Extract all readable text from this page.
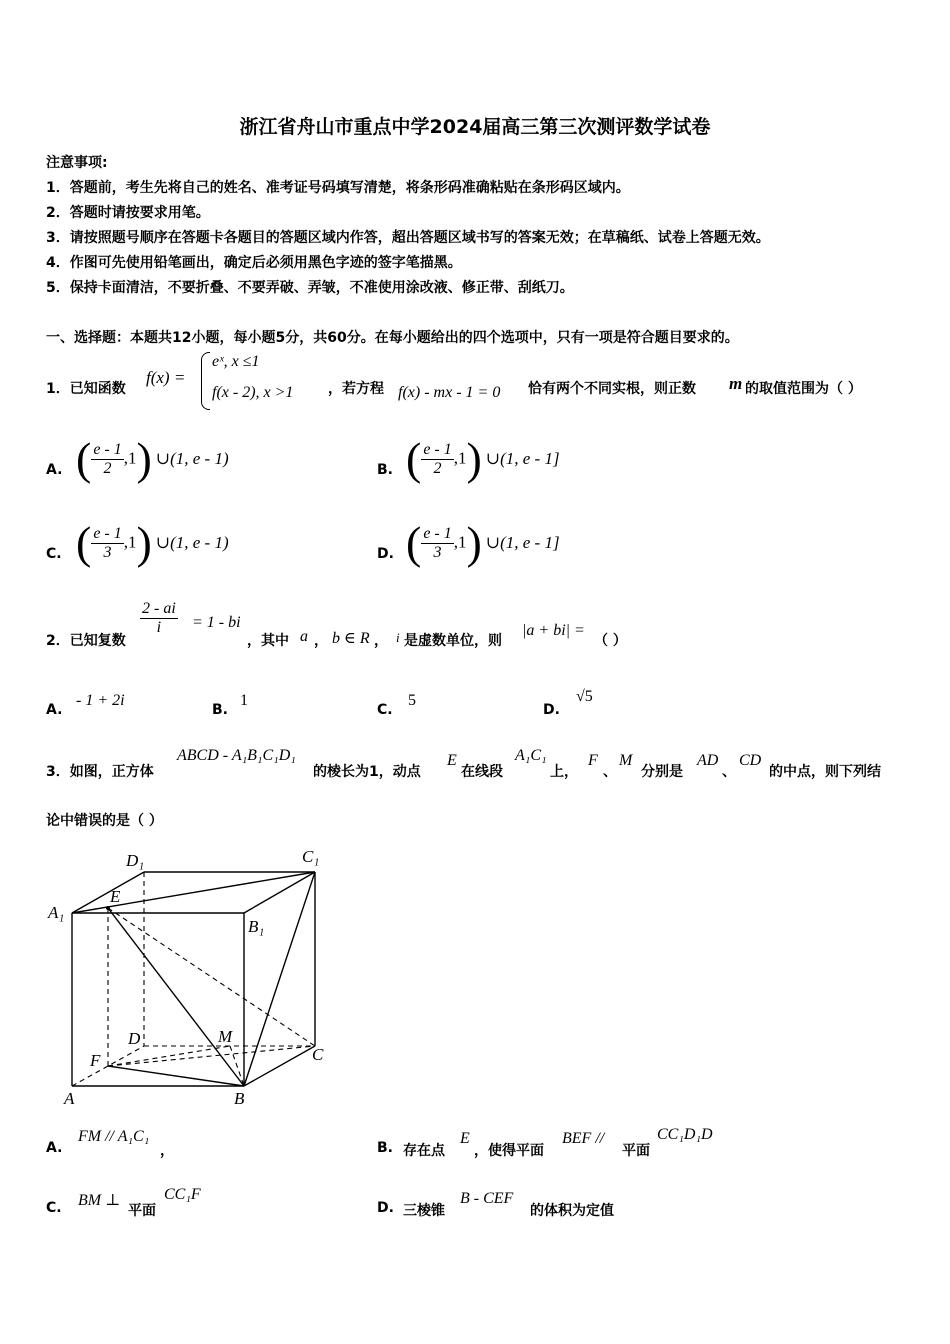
浙江省舟山市重点中学2024届高三第三次测评数学试卷
注意事项:
1．答题前，考生先将自己的姓名、准考证号码填写清楚，将条形码准确粘贴在条形码区域内。
2．答题时请按要求用笔。
3．请按照题号顺序在答题卡各题目的答题区域内作答，超出答题区域书写的答案无效；在草稿纸、试卷上答题无效。
4．作图可先使用铅笔画出，确定后必须用黑色字迹的签字笔描黑。
5．保持卡面清洁，不要折叠、不要弄破、弄皱，不准使用涂改液、修正带、刮纸刀。
一、选择题：本题共12小题，每小题5分，共60分。在每小题给出的四个选项中，只有一项是符合题目要求的。
1．已知函数
f(x) =
eˣ, x ≤1
f(x - 2), x >1 ，若方程 f(x) - mx - 1 = 0 恰有两个不同实根，则正数 m 的取值范围为（ ）
A. ( $\frac{e - 1}{2} ,1$) ∪(1, e - 1)
B. ( $\frac{e - 1}{2} ,1$) ∪(1, e - 1]
C. ( $\frac{e - 1}{3} ,1$) ∪(1, e - 1)
D. ( $\frac{e - 1}{3} ,1$) ∪(1, e - 1]
2．已知复数
$\frac{2 - ai}{i} = 1$ - bi
，其中 a ， b ∈ R ， i 是虚数单位，则
|a + bi| =
（ ）
A.
- 1 + 2i
B.
1
C.
5
D.
√5
3．如图，正方体
ABCD - A₁B₁C₁D₁
的棱长为1，动点
E
在线段
A₁C₁
上，
F
、
M
分别是
AD
、
CD
的中点，则下列结
论中错误的是（ ）
D₁	C₁
A₁
E
B₁
D	M
F	C
A	B
A.
FM // A₁C₁
，	B. 存在点
E
，使得平面
BEF //
平面
CC₁D₁D
C. BM ⊥
平面
CC₁F
D. 三棱锥
B - CEF
的体积为定值
